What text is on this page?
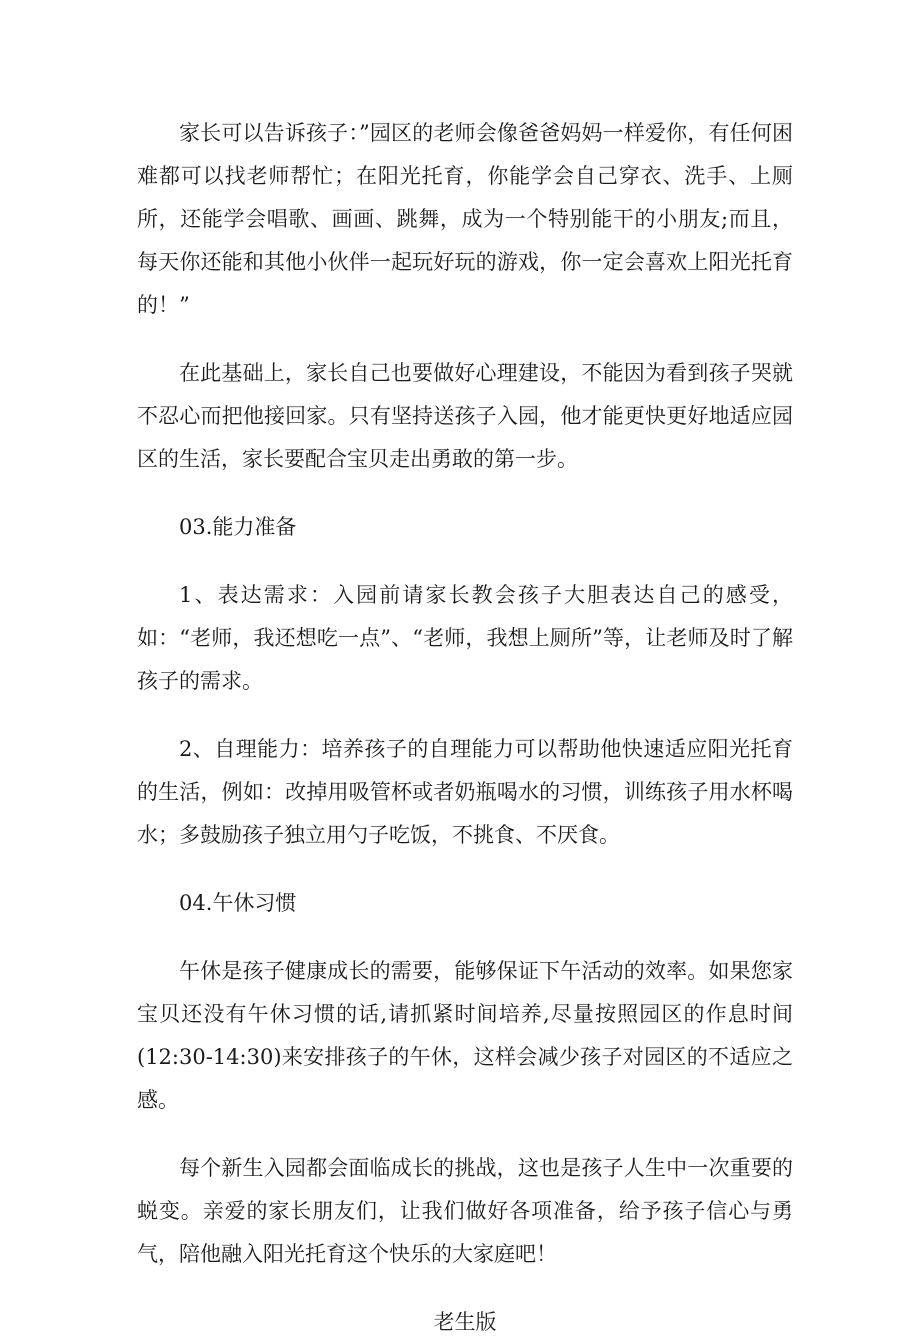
家长可以告诉孩子：”园区的老师会像爸爸妈妈一样爱你，有任何困难都可以找老师帮忙；在阳光托育，你能学会自己穿衣、洗手、上厕所，还能学会唱歌、画画、跳舞，成为一个特别能干的小朋友;而且，每天你还能和其他小伙伴一起玩好玩的游戏，你一定会喜欢上阳光托育的！”

在此基础上，家长自己也要做好心理建设，不能因为看到孩子哭就不忍心而把他接回家。只有坚持送孩子入园，他才能更快更好地适应园区的生活，家长要配合宝贝走出勇敢的第一步。

03.能力准备

1、表达需求：入园前请家长教会孩子大胆表达自己的感受，如：“老师，我还想吃一点”、“老师，我想上厕所”等，让老师及时了解孩子的需求。

2、自理能力：培养孩子的自理能力可以帮助他快速适应阳光托育的生活，例如：改掉用吸管杯或者奶瓶喝水的习惯，训练孩子用水杯喝水；多鼓励孩子独立用勺子吃饭，不挑食、不厌食。

04.午休习惯

午休是孩子健康成长的需要，能够保证下午活动的效率。如果您家宝贝还没有午休习惯的话,请抓紧时间培养,尽量按照园区的作息时间(12:30-14:30)来安排孩子的午休，这样会减少孩子对园区的不适应之感。

每个新生入园都会面临成长的挑战，这也是孩子人生中一次重要的蜕变。亲爱的家长朋友们，让我们做好各项准备，给予孩子信心与勇气，陪他融入阳光托育这个快乐的大家庭吧！

老生版
